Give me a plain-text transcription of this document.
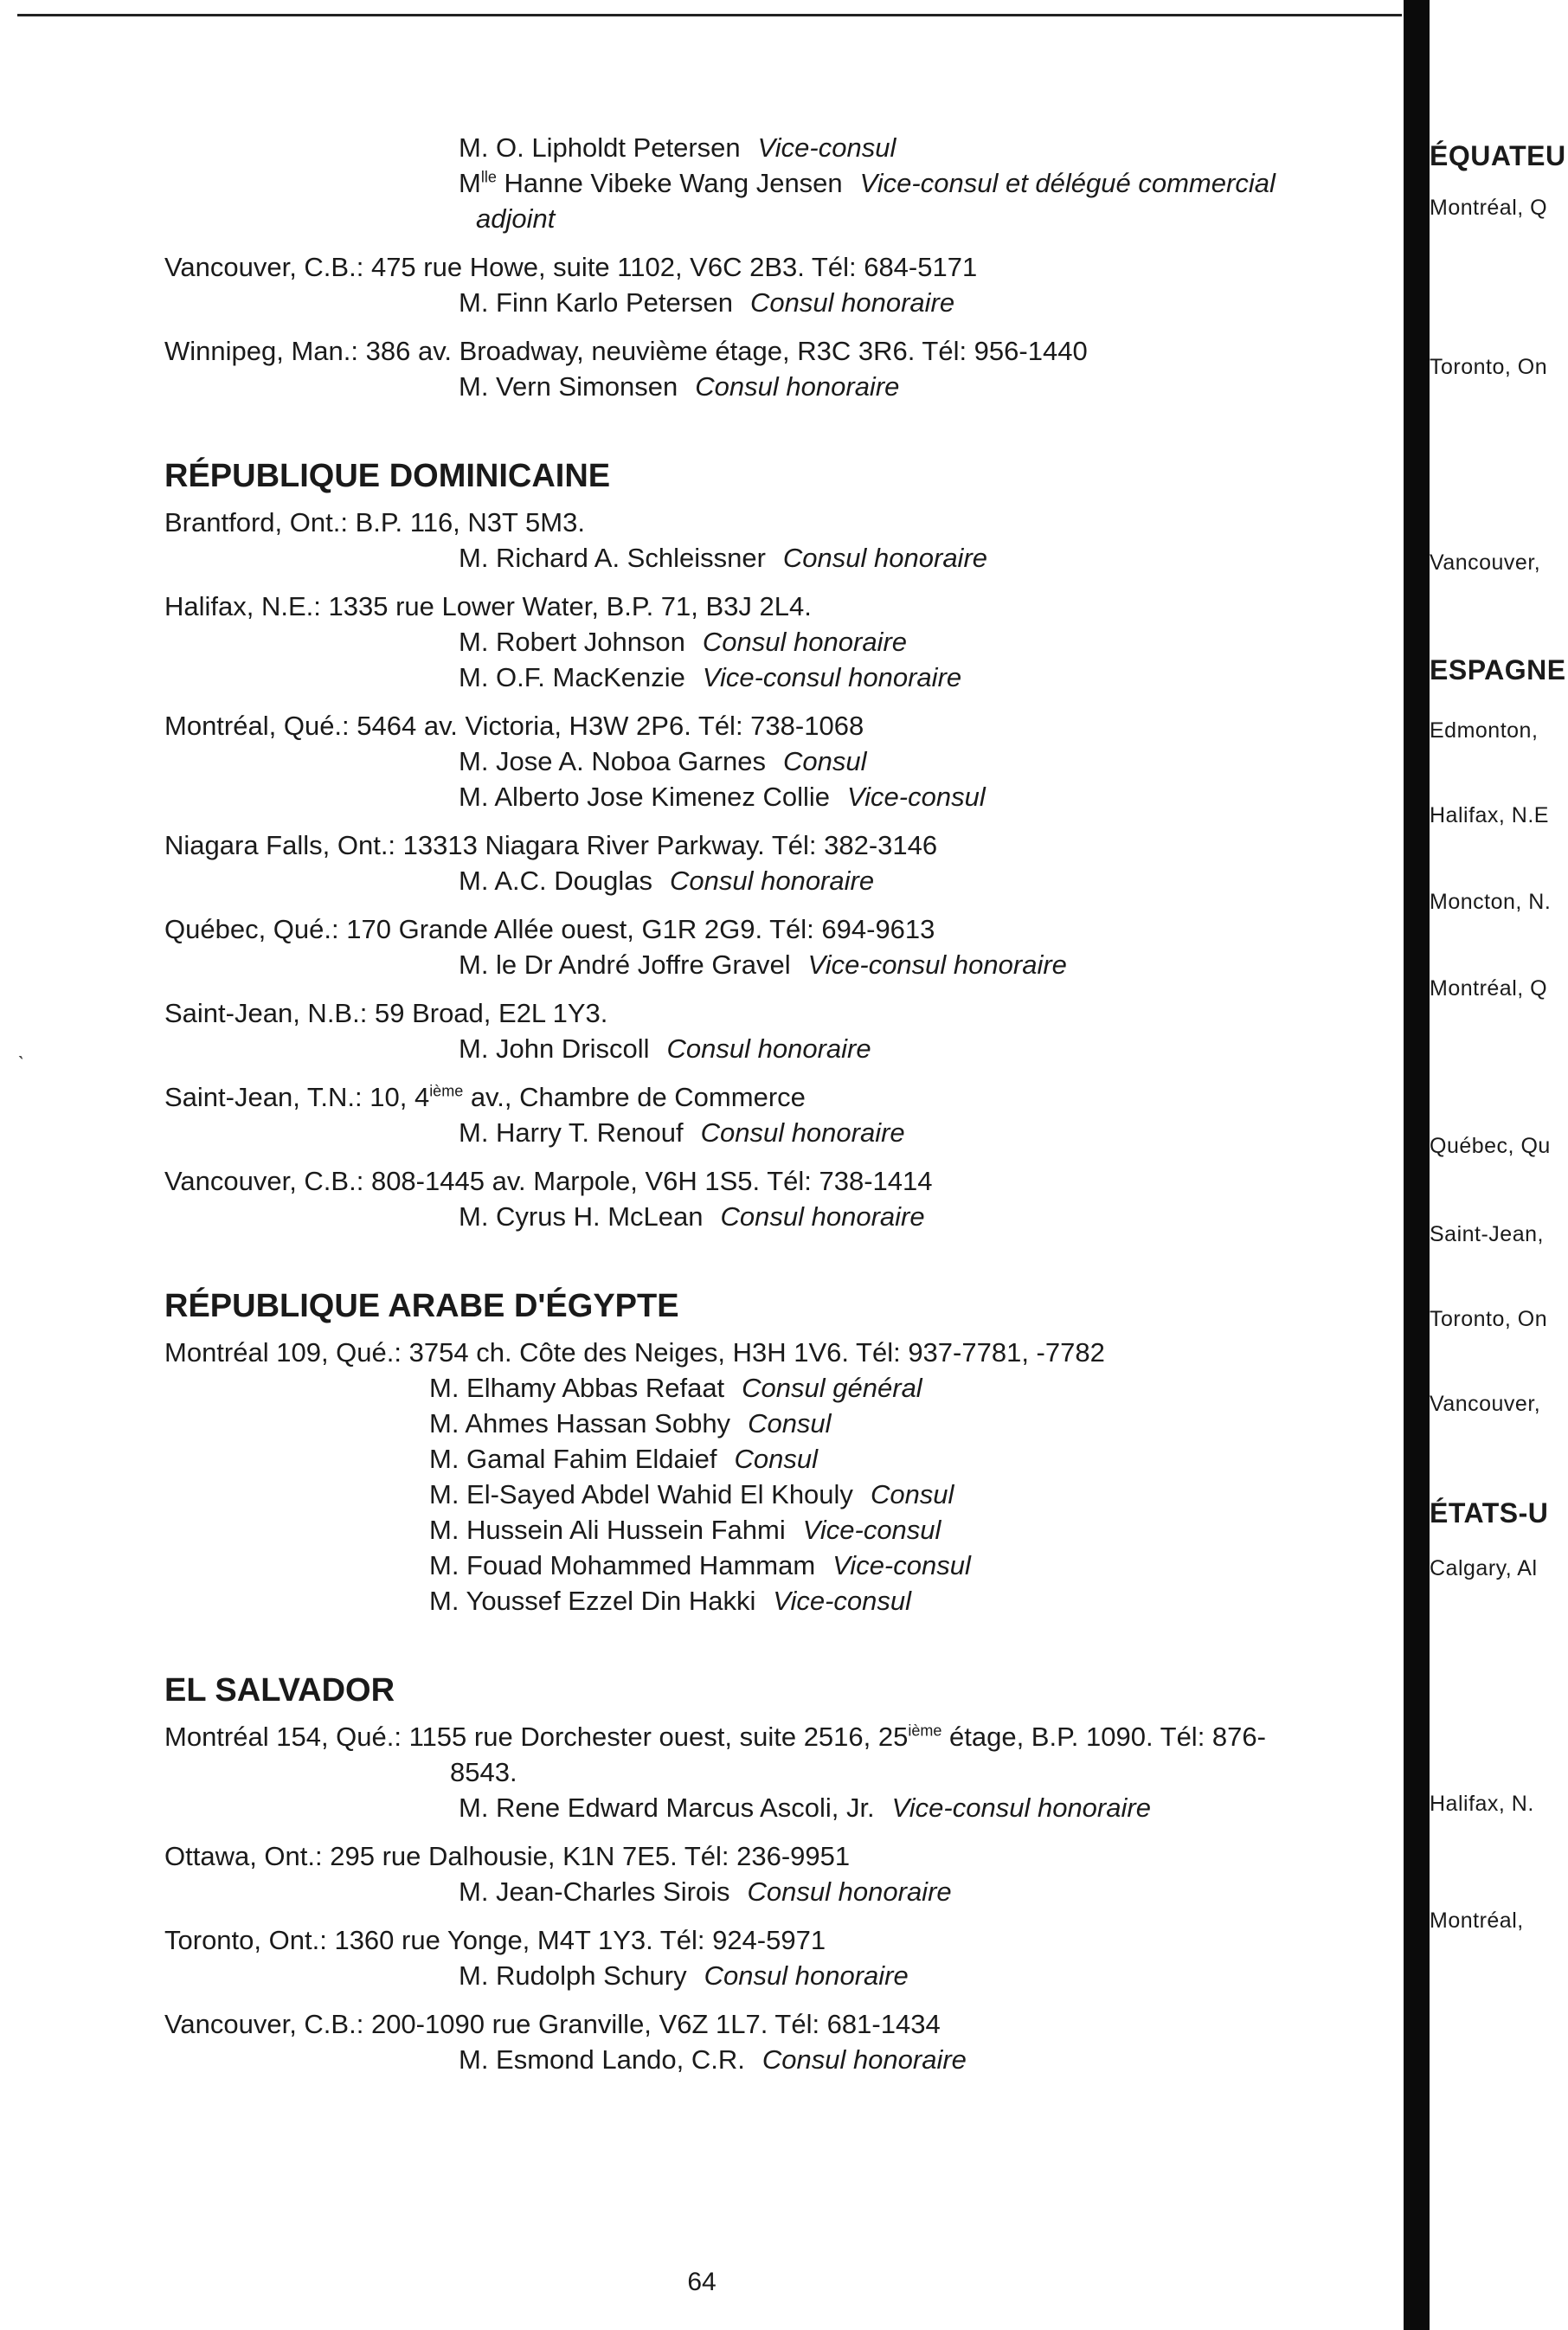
M. O. Lipholdt Petersen Vice-consul
$M^{lle}$ Hanne Vibeke Wang Jensen Vice-consul et délégué commercial
adjoint
Vancouver, C.B.: 475 rue Howe, suite 1102, V6C 2B3. Tél: 684-5171
M. Finn Karlo Petersen Consul honoraire
Winnipeg, Man.: 386 av. Broadway, neuvième étage, R3C 3R6. Tél: 956-1440
M. Vern Simonsen Consul honoraire
RÉPUBLIQUE DOMINICAINE
Brantford, Ont.: B.P. 116, N3T 5M3.
M. Richard A. Schleissner Consul honoraire
Halifax, N.E.: 1335 rue Lower Water, B.P. 71, B3J 2L4.
M. Robert Johnson Consul honoraire
M. O.F. MacKenzie Vice-consul honoraire
Montréal, Qué.: 5464 av. Victoria, H3W 2P6. Tél: 738-1068
M. Jose A. Noboa Garnes Consul
M. Alberto Jose Kimenez Collie Vice-consul
Niagara Falls, Ont.: 13313 Niagara River Parkway. Tél: 382-3146
M. A.C. Douglas Consul honoraire
Québec, Qué.: 170 Grande Allée ouest, G1R 2G9. Tél: 694-9613
M. le Dr André Joffre Gravel Vice-consul honoraire
Saint-Jean, N.B.: 59 Broad, E2L 1Y3.
M. John Driscoll Consul honoraire
Saint-Jean, T.N.: 10, 4ième av., Chambre de Commerce
M. Harry T. Renouf Consul honoraire
Vancouver, C.B.: 808-1445 av. Marpole, V6H 1S5. Tél: 738-1414
M. Cyrus H. McLean Consul honoraire
RÉPUBLIQUE ARABE D'ÉGYPTE
Montréal 109, Qué.: 3754 ch. Côte des Neiges, H3H 1V6. Tél: 937-7781, -7782
M. Elhamy Abbas Refaat Consul général
M. Ahmes Hassan Sobhy Consul
M. Gamal Fahim Eldaief Consul
M. El-Sayed Abdel Wahid El Khouly Consul
M. Hussein Ali Hussein Fahmi Vice-consul
M. Fouad Mohammed Hammam Vice-consul
M. Youssef Ezzel Din Hakki Vice-consul
EL SALVADOR
Montréal 154, Qué.: 1155 rue Dorchester ouest, suite 2516, 25ième étage, B.P. 1090. Tél: 876-
8543.
M. Rene Edward Marcus Ascoli, Jr. Vice-consul honoraire
Ottawa, Ont.: 295 rue Dalhousie, K1N 7E5. Tél: 236-9951
M. Jean-Charles Sirois Consul honoraire
Toronto, Ont.: 1360 rue Yonge, M4T 1Y3. Tél: 924-5971
M. Rudolph Schury Consul honoraire
Vancouver, C.B.: 200-1090 rue Granville, V6Z 1L7. Tél: 681-1434
M. Esmond Lando, C.R. Consul honoraire
ˋ
64
ÉQUATEU
Montréal, Q
Toronto, On
Vancouver,
ESPAGNE
Edmonton,
Halifax, N.E
Moncton, N.
Montréal, Q
Québec, Qu
Saint-Jean,
Toronto, On
Vancouver,
ÉTATS-U
Calgary, Al
Halifax, N.
Montréal,
